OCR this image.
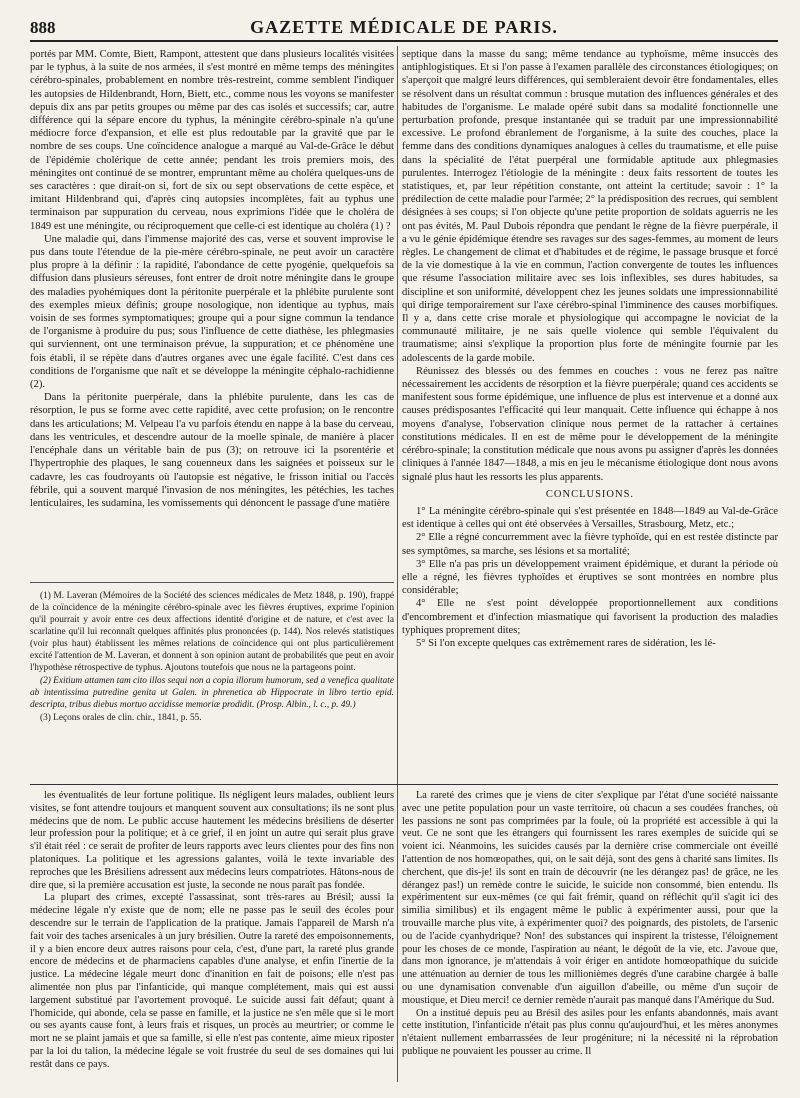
888	GAZETTE MÉDICALE DE PARIS.

portés par MM. Comte, Biett, Rampont, attestent que dans plusieurs localités visitées par le typhus, à la suite de nos armées, il s'est montré en même temps des méningites cérébro-spinales, probablement en nombre très-restreint, comme semblent l'indiquer les autopsies de Hildenbrandt, Horn, Biett, etc., comme nous les voyons se manifester depuis dix ans par petits groupes ou même par des cas isolés et successifs; car, autre différence qui la sépare encore du typhus, la méningite cérébro-spinale n'a qu'une médiocre force d'expansion, et elle est plus redoutable par la gravité que par le nombre de ses coups. Une coïncidence analogue a marqué au Val-de-Grâce le début de l'épidémie cholérique de cette année; pendant les trois premiers mois, des méningites ont continué de se montrer, empruntant même au choléra quelques-uns de ses caractères : que dirait-on si, fort de six ou sept observations de cette espèce, et imitant Hildenbrand qui, d'après cinq autopsies incomplètes, fait au typhus une terminaison par suppuration du cerveau, nous exprimions l'idée que le choléra de 1849 est une méningite, ou réciproquement que celle-ci est identique au choléra (1) ?

Une maladie qui, dans l'immense majorité des cas, verse et souvent improvise le pus dans toute l'étendue de la pie-mère cérébro-spinale, ne peut avoir un caractère plus propre à la définir : la rapidité, l'abondance de cette pyogénie, quelquefois sa diffusion dans plusieurs séreuses, font entrer de droit notre méningite dans le groupe des maladies pyohémiques dont la péritonite puerpérale et la phlébite purulente sont des exemples mieux définis; groupe nosologique, non identique au typhus, mais voisin de ses formes symptomatiques; groupe qui a pour signe commun la tendance de l'organisme à produire du pus; sous l'influence de cette diathèse, les phlegmasies qui surviennent, ont une terminaison prévue, la suppuration; et ce phénomène une fois établi, il se répète dans d'autres organes avec une égale facilité. C'est dans ces conditions de l'organisme que naît et se développe la méningite céphalo-rachidienne (2).

Dans la péritonite puerpérale, dans la phlébite purulente, dans les cas de résorption, le pus se forme avec cette rapidité, avec cette profusion; on le rencontre dans les articulations; M. Velpeau l'a vu parfois étendu en nappe à la base du cerveau, dans les ventricules, et descendre autour de la moelle spinale, de manière à placer l'encéphale dans un véritable bain de pus (3); on retrouve ici la psorentérie et l'hypertrophie des plaques, le sang couenneux dans les saignées et poisseux sur le cadavre, les cas foudroyants où l'autopsie est négative, le frisson initial ou l'accès fébrile, qui a souvent marqué l'invasion de nos méningites, les pétéchies, les taches lenticulaires, les sudamina, les vomissements qui dénoncent le passage d'une matière

(1) M. Laveran (Mémoires de la Société des sciences médicales de Metz 1848, p. 190), frappé de la coïncidence de la méningite cérébro-spinale avec les fièvres éruptives, exprime l'opinion qu'il pourrait y avoir entre ces deux affections identité d'origine et de nature, et c'est avec la scarlatine qu'il lui reconnaît quelques affinités plus prononcées (p. 144). Nos relevés statistiques (voir plus haut) établissent les mêmes relations de coïncidence qui ont plus particulièrement excité l'attention de M. Laveran, et donnent à son opinion autant de probabilités que peut en avoir l'hypothèse rétrospective de typhus. Ajoutons toutefois que nous ne la partageons point.

(2) Exitium attamen tam cito illos sequi non a copia illorum humorum, sed a venefica qualitate ab intentissima putredine genita ut Galen. in phrenetica ab Hippocrate in libro tertio epid. descripta, tribus diebus mortuo accidisse memoriæ prodidit. (Prosp. Albin., l. c., p. 49.)

(3) Leçons orales de clin. chir., 1841, p. 55.

septique dans la masse du sang; même tendance au typhoïsme, même insuccès des antiphlogistiques. Et si l'on passe à l'examen parallèle des circonstances étiologiques; on s'aperçoit que malgré leurs différences, qui sembleraient devoir être fondamentales, elles se résolvent dans un résultat commun : brusque mutation des influences générales et des habitudes de l'organisme. Le malade opéré subit dans sa modalité fonctionnelle une perturbation profonde, presque instantanée qui se traduit par une impressionnabilité excessive. Le profond ébranlement de l'organisme, à la suite des couches, place la femme dans des conditions dynamiques analogues à celles du traumatisme, et elle puise dans la spécialité de l'état puerpéral une formidable aptitude aux phlegmasies purulentes. Interrogez l'étiologie de la méningite : deux faits ressortent de toutes les statistiques, et, par leur répétition constante, ont atteint la certitude; savoir : 1° la prédilection de cette maladie pour l'armée; 2° la prédisposition des recrues, qui semblent désignées à ses coups; si l'on objecte qu'une petite proportion de soldats aguerris ne les ont pas évités, M. Paul Dubois répondra que pendant le règne de la fièvre puerpérale, il a vu le génie épidémique étendre ses ravages sur des sages-femmes, au moment de leurs règles. Le changement de climat et d'habitudes et de régime, le passage brusque et forcé de la vie domestique à la vie en commun, l'action convergente de toutes les influences que résume l'association militaire avec ses lois inflexibles, ses dures habitudes, sa discipline et son uniformité, développent chez les jeunes soldats une impressionnabilité qui dirige temporairement sur l'axe cérébro-spinal l'imminence des causes morbifiques. Il y a, dans cette crise morale et physiologique qui accompagne le noviciat de la communauté militaire, je ne sais quelle violence qui semble l'équivalent du traumatisme; ainsi s'explique la proportion plus forte de méningite fournie par les adolescents de la garde mobile.

Réunissez des blessés ou des femmes en couches : vous ne ferez pas naître nécessairement les accidents de résorption et la fièvre puerpérale; quand ces accidents se manifestent sous forme épidémique, une influence de plus est intervenue et a donné aux causes prédisposantes l'efficacité qui leur manquait. Cette influence qui échappe à nos moyens d'analyse, l'observation clinique nous permet de la rattacher à certaines constitutions médicales. Il en est de même pour le développement de la méningite cérébro-spinale; la constitution médicale que nous avons pu assigner d'après les données cliniques à l'année 1847—1848, a mis en jeu le mécanisme étiologique dont nous avons signalé plus haut les ressorts les plus apparents.

CONCLUSIONS.

1° La méningite cérébro-spinale qui s'est présentée en 1848—1849 au Val-de-Grâce est identique à celles qui ont été observées à Versailles, Strasbourg, Metz, etc.;

2° Elle a régné concurremment avec la fièvre typhoïde, qui en est restée distincte par ses symptômes, sa marche, ses lésions et sa mortalité;

3° Elle n'a pas pris un développement vraiment épidémique, et durant la période où elle a régné, les fièvres typhoïdes et éruptives se sont montrées en nombre plus considérable;

4° Elle ne s'est point développée proportionnellement aux conditions d'encombrement et d'infection miasmatique qui favorisent la production des maladies typhiques proprement dites;

5° Si l'on excepte quelques cas extrêmement rares de sidération, les lé-

les éventualités de leur fortune politique. Ils négligent leurs malades, oublient leurs visites, se font attendre toujours et manquent souvent aux consultations; ils ne sont plus médecins que de nom. Le public accuse hautement les médecins brésiliens de déserter leur profession pour la politique; et à ce grief, il en joint un autre qui serait plus grave s'il était réel : ce serait de profiter de leurs rapports avec leurs clientes pour des fins non platoniques. La politique et les agressions galantes, voilà le texte invariable des reproches que les Brésiliens adressent aux médecins leurs compatriotes. Hâtons-nous de dire que, si la première accusation est juste, la seconde ne nous paraît pas fondée.

La plupart des crimes, excepté l'assassinat, sont très-rares au Brésil; aussi la médecine légale n'y existe que de nom; elle ne passe pas le seuil des écoles pour descendre sur le terrain de l'application de la pratique. Jamais l'appareil de Marsh n'a fait voir des taches arsenicales à un jury brésilien. Outre la rareté des empoisonnements, il y a bien encore deux autres raisons pour cela, c'est, d'une part, la rareté plus grande encore de médecins et de pharmaciens capables d'une analyse, et enfin l'inertie de la justice. La médecine légale meurt donc d'inanition en fait de poisons; elle n'est pas alimentée non plus par l'infanticide, qui manque complétement, mais qui est aussi largement substitué par l'avortement provoqué. Le suicide aussi fait défaut; quant à l'homicide, qui abonde, cela se passe en famille, et la justice ne s'en mêle que si le mort ou ses ayants cause font, à leurs frais et risques, un procès au meurtrier; or comme le mort ne se plaint jamais et que sa famille, si elle n'est pas contente, aime mieux riposter par la loi du talion, la médecine légale se voit frustrée du seul de ses domaines qui lui restât dans ce pays.

La rareté des crimes que je viens de citer s'explique par l'état d'une société naissante avec une petite population pour un vaste territoire, où chacun a ses coudées franches, où les passions ne sont pas comprimées par la foule, où la propriété est accessible à qui la veut. Ce ne sont que les étrangers qui fournissent les rares exemples de suicide qui se voient ici. Néanmoins, les suicides causés par la dernière crise commerciale ont éveillé l'attention de nos homœopathes, qui, on le sait déjà, sont des gens à charité sans limites. Ils cherchent, que dis-je! ils sont en train de découvrir (ne les dérangez pas! de grâce, ne les dérangez pas!) un remède contre le suicide, le suicide non consommé, bien entendu. Ils expérimentent sur eux-mêmes (ce qui fait frémir, quand on réfléchit qu'il s'agit ici des similia similibus) et ils engagent même le public à expérimenter aussi, pour que la trouvaille marche plus vite, à expérimenter quoi? des poignards, des pistolets, de l'arsenic ou de l'acide cyanhydrique? Non! des substances qui inspirent la tristesse, l'éloignement pour les choses de ce monde, l'aspiration au néant, le dégoût de la vie, etc. J'avoue que, dans mon ignorance, je m'attendais à voir ériger en antidote homœopathique du suicide une atténuation au dernier de tous les millionièmes degrés d'une carabine chargée à balle ou une dynamisation convenable d'un aiguillon d'abeille, ou même d'un suçoir de moustique, et Dieu merci! ce dernier remède n'aurait pas manqué dans l'Amérique du Sud.

On a institué depuis peu au Brésil des asiles pour les enfants abandonnés, mais avant cette institution, l'infanticide n'était pas plus connu qu'aujourd'hui, et les mères anonymes n'étaient nullement embarrassées de leur progéniture; ni la nécessité ni la réprobation publique ne pouvaient les pousser au crime. Il
